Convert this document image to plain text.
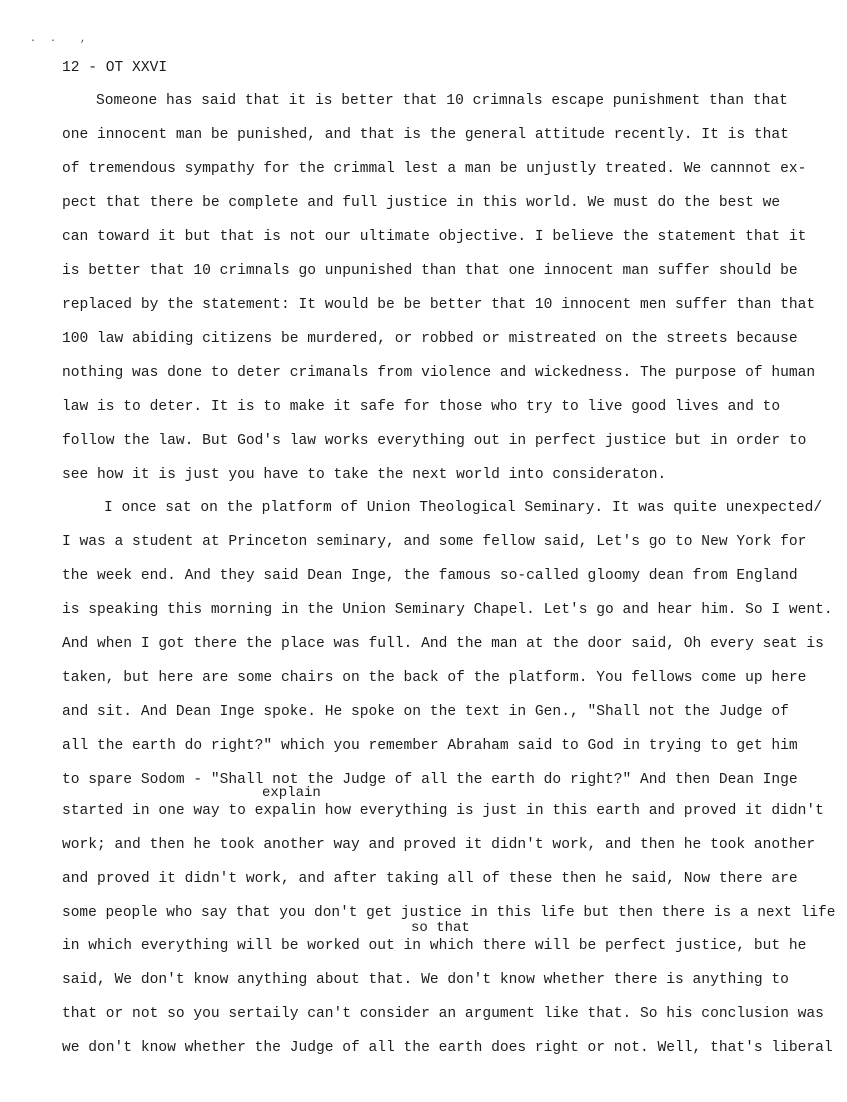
. .  ,

12 - OT XXVI

Someone has said that it is better that 10 crimnals escape punishment than that

one innocent man be punished, and that is the general attitude recently. It is that

of tremendous sympathy for the crimmal lest a man be unjustly treated. We cannnot ex-

pect that there be complete and full justice in this world. We must do the best we

can toward it but that is not our ultimate objective. I believe the statement that it

is better that 10 crimnals go unpunished than that one innocent man suffer should be

replaced by the statement: It would be be better that 10 innocent men suffer than that

100 law abiding citizens be murdered, or robbed or mistreated on the streets because

nothing was done to deter crimanals from violence and wickedness. The purpose of human

law is to deter. It is to make it safe for those who try to live good lives and to

follow the law. But God's law works everything out in perfect justice but in order to

see how it is just you have to take the next world into consideraton.

I once sat on the platform of Union Theological Seminary. It was quite unexpected/

I was a student at Princeton seminary, and some fellow said, Let's go to New York for

the week end. And they said Dean Inge, the famous so-called gloomy dean from England

is speaking this morning in the Union Seminary Chapel. Let's go and hear him. So I went.

And when I got there the place was full. And the man at the door said, Oh every seat is

taken, but here are some chairs on the back of the platform. You fellows come up here

and sit. And Dean Inge spoke. He spoke on the text in Gen., "Shall not the Judge of

all the earth do right?" which you remember Abraham said to God in trying to get him

to spare Sodom - "Shall not the Judge of all the earth do right?" And then Dean Inge

explain

started in one way to expalin how everything is just in this earth and proved it didn't

work; and then he took another way and proved it didn't work, and then he took another

and proved it didn't work, and after taking all of these then he said, Now there are

some people who say that you don't get justice in this life but then there is a next life

so that

in which everything will be worked out in which there will be perfect justice, but he

said, We don't know anything about that. We don't know whether there is anything to

that or not so you sertaily can't consider an argument like that. So his conclusion was

we don't know whether the Judge of all the earth does right or not. Well, that's liberal
